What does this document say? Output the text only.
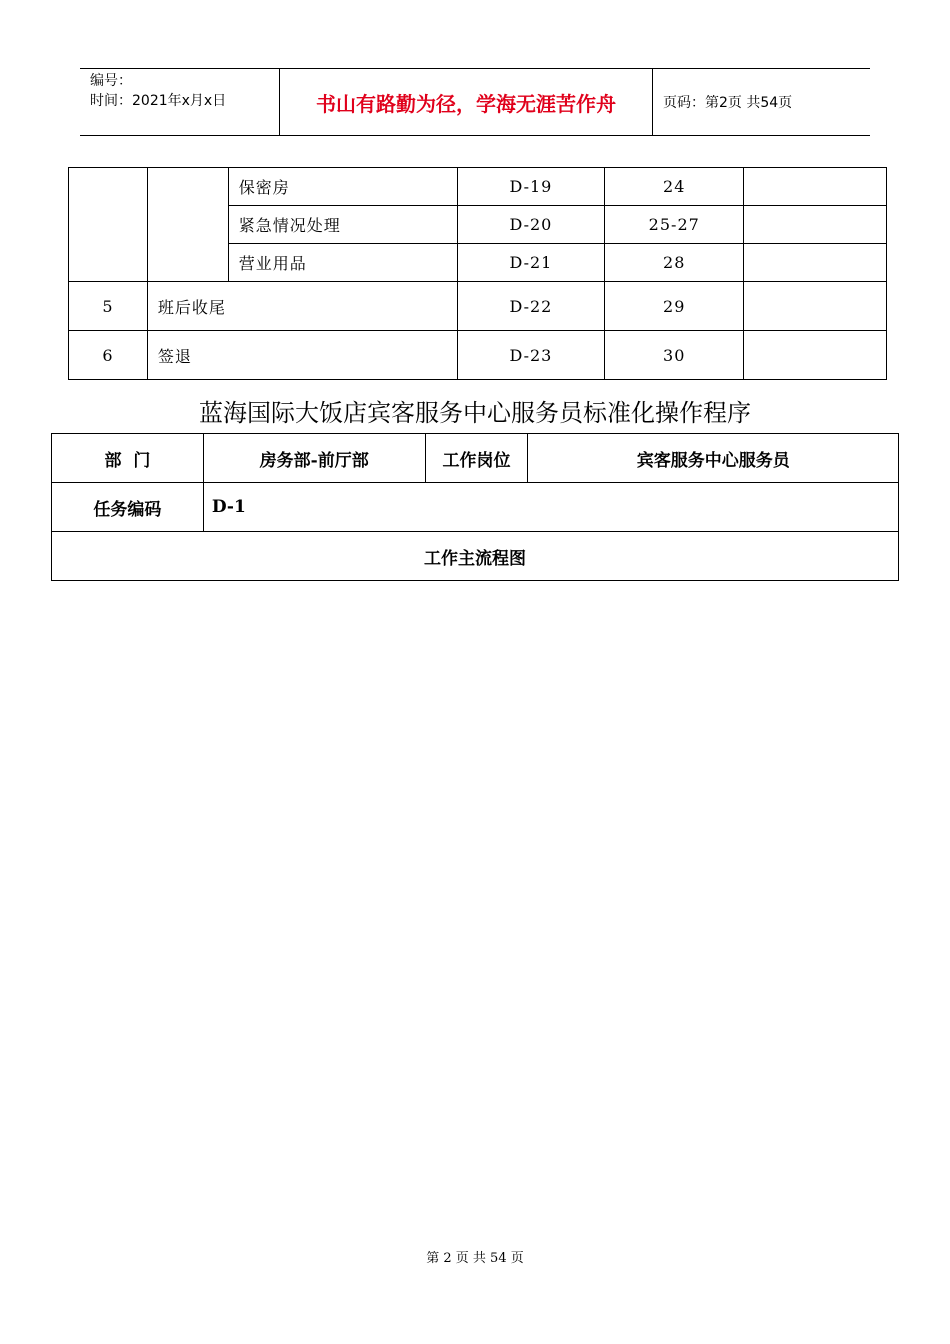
编号：
时间：2021年x月x日	书山有路勤为径，学海无涯苦作舟	页码：第2页 共54页
		保密房	D-19	24	
		紧急情况处理	D-20	25-27	
		营业用品	D-21	28	
5	班后收尾		D-22	29	
6	签退		D-23	30	
蓝海国际大饭店宾客服务中心服务员标准化操作程序
部  门	房务部-前厅部	工作岗位	宾客服务中心服务员
任务编码	D-1		
工作主流程图			
第 2 页 共 54 页
